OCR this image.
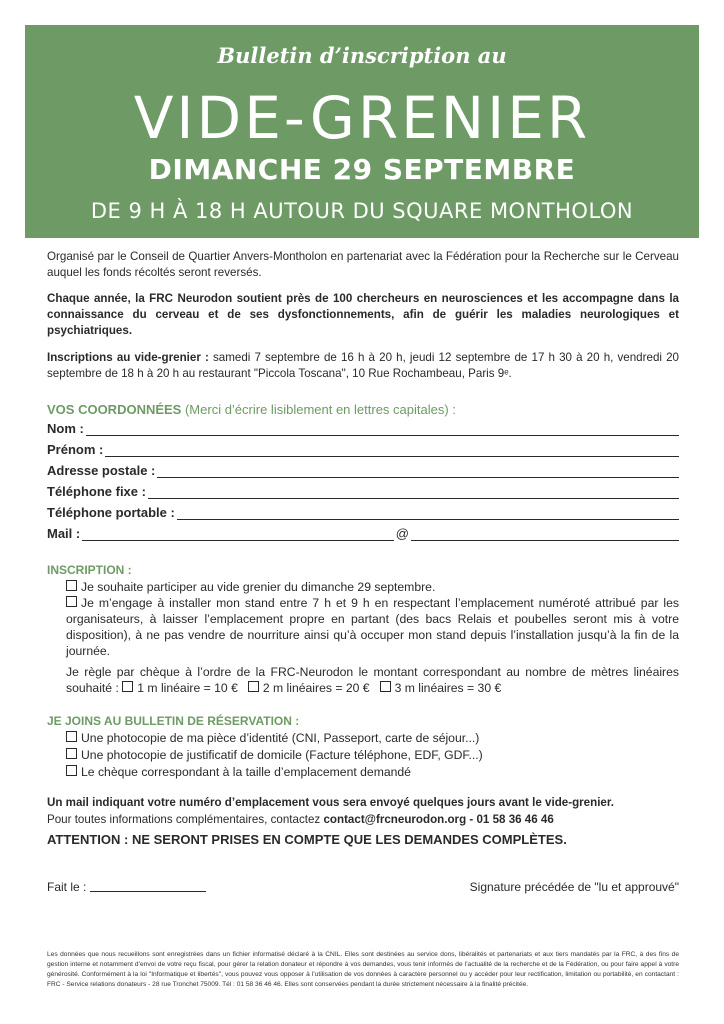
Bulletin d’inscription au
VIDE-GRENIER
DIMANCHE 29 SEPTEMBRE
DE 9 H À 18 H AUTOUR DU SQUARE MONTHOLON
Organisé par le Conseil de Quartier Anvers-Montholon en partenariat avec la Fédération pour la Recherche sur le Cerveau auquel les fonds récoltés seront reversés.
Chaque année, la FRC Neurodon soutient près de 100 chercheurs en neurosciences et les accompagne dans la connaissance du cerveau et de ses dysfonctionnements, afin de guérir les maladies neurologiques et psychiatriques.
Inscriptions au vide-grenier : samedi 7 septembre de 16 h à 20 h, jeudi 12 septembre de 17 h 30 à 20 h, vendredi 20 septembre de 18 h à 20 h au restaurant "Piccola Toscana", 10 Rue Rochambeau, Paris 9ᵉ.
VOS COORDONNÉES (Merci d’écrire lisiblement en lettres capitales) :
Nom :
Prénom :
Adresse postale :
Téléphone fixe :
Téléphone portable :
Mail :	@
INSCRIPTION :
Je souhaite participer au vide grenier du dimanche 29 septembre.
Je m’engage à installer mon stand entre 7 h et 9 h en respectant l’emplacement numéroté attribué par les organisateurs, à laisser l’emplacement propre en partant (des bacs Relais et poubelles seront mis à votre disposition), à ne pas vendre de nourriture ainsi qu’à occuper mon stand depuis l’installation jusqu’à la fin de la journée.
Je règle par chèque à l’ordre de la FRC-Neurodon le montant correspondant au nombre de mètres linéaires souhaité : 1 m linéaire = 10 € 2 m linéaires = 20 € 3 m linéaires = 30 €
JE JOINS AU BULLETIN DE RÉSERVATION :
Une photocopie de ma pièce d’identité (CNI, Passeport, carte de séjour...)
Une photocopie de justificatif de domicile (Facture téléphone, EDF, GDF...)
Le chèque correspondant à la taille d’emplacement demandé
Un mail indiquant votre numéro d’emplacement vous sera envoyé quelques jours avant le vide-grenier.
Pour toutes informations complémentaires, contactez contact@frcneurodon.org - 01 58 36 46 46
ATTENTION : NE SERONT PRISES EN COMPTE QUE LES DEMANDES COMPLÈTES.
Fait le :	Signature précédée de "lu et approuvé"
Les données que nous recueillons sont enregistrées dans un fichier informatisé déclaré à la CNIL. Elles sont destinées au service dons, libéralités et partenariats et aux tiers mandatés par la FRC, à des fins de gestion interne et notamment d’envoi de votre reçu fiscal, pour gérer la relation donateur et répondre à vos demandes, vous tenir informés de l’actualité de la recherche et de la Fédération, ou pour faire appel à votre générosité. Conformément à la loi "Informatique et libertés", vous pouvez vous opposer à l’utilisation de vos données à caractère personnel ou y accéder pour leur rectification, limitation ou portabilité, en contactant : FRC - Service relations donateurs - 28 rue Tronchet 75009. Tél : 01 58 36 46 46. Elles sont conservées pendant la durée strictement nécessaire à la finalité précitée.
